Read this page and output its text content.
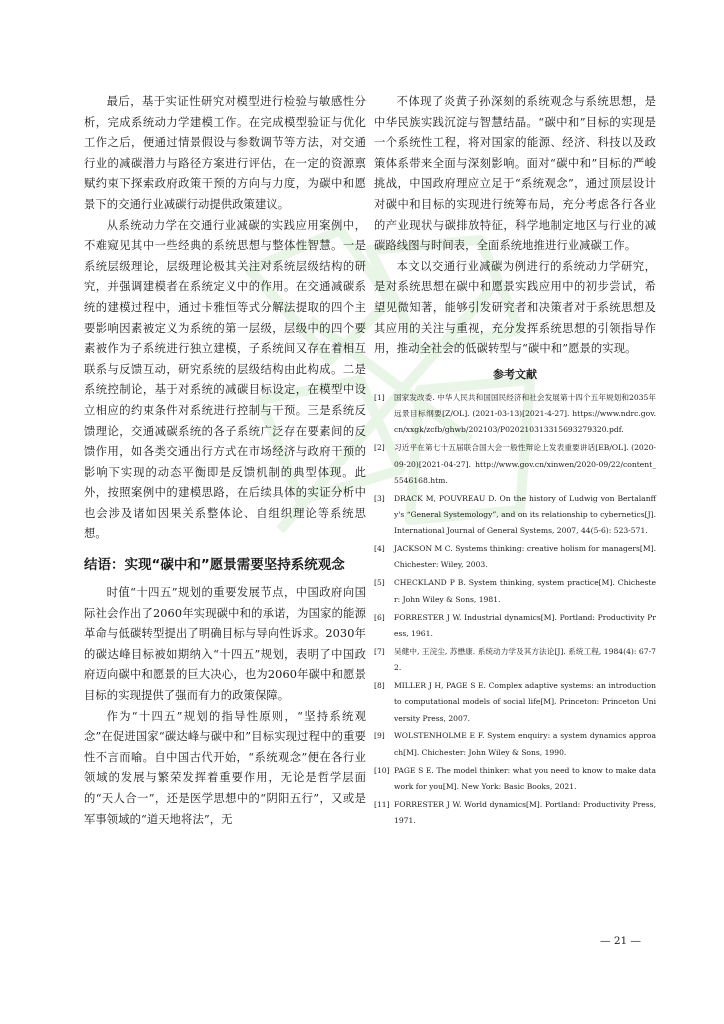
最后，基于实证性研究对模型进行检验与敏感性分析，完成系统动力学建模工作。在完成模型验证与优化工作之后，便通过情景假设与参数调节等方法，对交通行业的减碳潜力与路径方案进行评估，在一定的资源禀赋约束下探索政府政策干预的方向与力度，为碳中和愿景下的交通行业减碳行动提供政策建议。

从系统动力学在交通行业减碳的实践应用案例中，不难窥见其中一些经典的系统思想与整体性智慧。一是系统层级理论，层级理论极其关注对系统层级结构的研究，并强调建模者在系统定义中的作用。在交通减碳系统的建模过程中，通过卡雅恒等式分解法提取的四个主要影响因素被定义为系统的第一层级，层级中的四个要素被作为子系统进行独立建模，子系统间又存在着相互联系与反馈互动，研究系统的层级结构由此构成。二是系统控制论，基于对系统的减碳目标设定，在模型中设立相应的约束条件对系统进行控制与干预。三是系统反馈理论，交通减碳系统的各子系统广泛存在要素间的反馈作用，如各类交通出行方式在市场经济与政府干预的影响下实现的动态平衡即是反馈机制的典型体现。此外，按照案例中的建模思路，在后续具体的实证分析中也会涉及诸如因果关系整体论、自组织理论等系统思想。

结语：实现“碳中和”愿景需要坚持系统观念

时值“十四五”规划的重要发展节点，中国政府向国际社会作出了2060年实现碳中和的承诺，为国家的能源革命与低碳转型提出了明确目标与导向性诉求。2030年的碳达峰目标被如期纳入“十四五”规划，表明了中国政府迈向碳中和愿景的巨大决心，也为2060年碳中和愿景目标的实现提供了强而有力的政策保障。

作为“十四五”规划的指导性原则，“坚持系统观念”在促进国家“碳达峰与碳中和”目标实现过程中的重要性不言而喻。自中国古代开始，“系统观念”便在各行业领域的发展与繁荣发挥着重要作用，无论是哲学层面的“天人合一”，还是医学思想中的“阴阳五行”，又或是军事领域的“道天地将法”，无

不体现了炎黄子孙深刻的系统观念与系统思想，是中华民族实践沉淀与智慧结晶。“碳中和”目标的实现是一个系统性工程，将对国家的能源、经济、科技以及政策体系带来全面与深刻影响。面对“碳中和”目标的严峻挑战，中国政府理应立足于“系统观念”，通过顶层设计对碳中和目标的实现进行统筹布局，充分考虑各行各业的产业现状与碳排放特征，科学地制定地区与行业的减碳路线图与时间表，全面系统地推进行业减碳工作。

本文以交通行业减碳为例进行的系统动力学研究，是对系统思想在碳中和愿景实践应用中的初步尝试，希望见微知著，能够引发研究者和决策者对于系统思想及其应用的关注与重视，充分发挥系统思想的引领指导作用，推动全社会的低碳转型与“碳中和”愿景的实现。

参考文献
[1] 国家发改委. 中华人民共和国国民经济和社会发展第十四个五年规划和2035年远景目标纲要[Z/OL]. (2021-03-13)[2021-4-27]. https://www.ndrc.gov.cn/xxgk/zcfb/ghwb/202103/P020210313315693279320.pdf.
[2] 习近平在第七十五届联合国大会一般性辩论上发表重要讲话[EB/OL]. (2020-09-20)[2021-04-27]. http://www.gov.cn/xinwen/2020-09/22/content_5546168.htm.
[3] DRACK M, POUVREAU D. On the history of Ludwig von Bertalanffy's “General Systemology”, and on its relationship to cybernetics[J]. International Journal of General Systems, 2007, 44(5-6): 523-571.
[4] JACKSON M C. Systems thinking: creative holism for managers[M]. Chichester: Wiley, 2003.
[5] CHECKLAND P B. System thinking, system practice[M]. Chichester: John Wiley & Sons, 1981.
[6] FORRESTER J W. Industrial dynamics[M]. Portland: Productivity Press, 1961.
[7] 吴健中, 王浣尘, 苏懋康. 系统动力学及其方法论[J]. 系统工程, 1984(4): 67-72.
[8] MILLER J H, PAGE S E. Complex adaptive systems: an introduction to computational models of social life[M]. Princeton: Princeton University Press, 2007.
[9] WOLSTENHOLME E F. System enquiry: a system dynamics approach[M]. Chichester: John Wiley & Sons, 1990.
[10] PAGE S E. The model thinker: what you need to know to make data work for you[M]. New York: Basic Books, 2021.
[11] FORRESTER J W. World dynamics[M]. Portland: Productivity Press, 1971.
— 21 —
